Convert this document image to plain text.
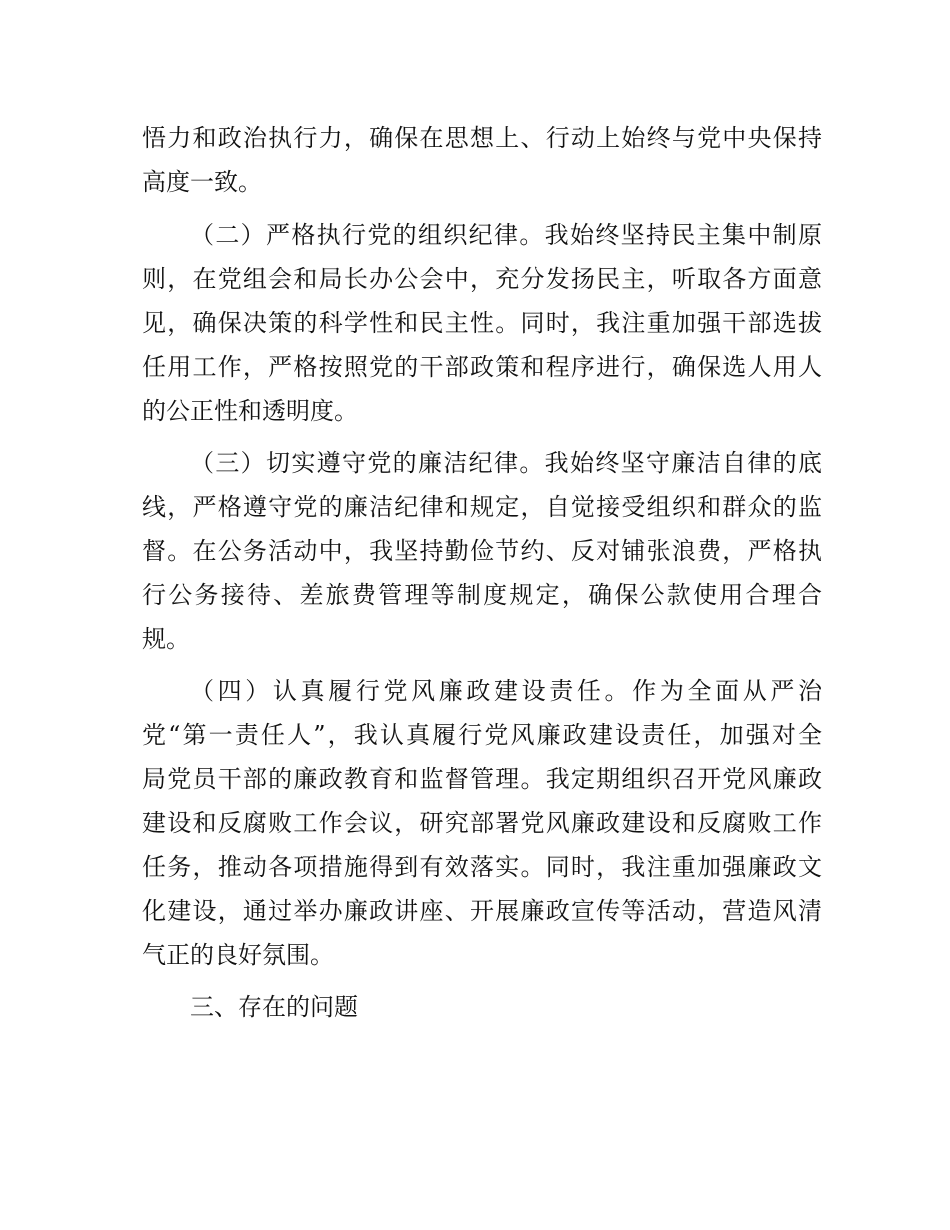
悟力和政治执行力，确保在思想上、行动上始终与党中央保持
高度一致。
（二）严格执行党的组织纪律。我始终坚持民主集中制原
则，在党组会和局长办公会中，充分发扬民主，听取各方面意
见，确保决策的科学性和民主性。同时，我注重加强干部选拔
任用工作，严格按照党的干部政策和程序进行，确保选人用人
的公正性和透明度。
（三）切实遵守党的廉洁纪律。我始终坚守廉洁自律的底
线，严格遵守党的廉洁纪律和规定，自觉接受组织和群众的监
督。在公务活动中，我坚持勤俭节约、反对铺张浪费，严格执
行公务接待、差旅费管理等制度规定，确保公款使用合理合
规。
（四）认真履行党风廉政建设责任。作为全面从严治
党“第一责任人”，我认真履行党风廉政建设责任，加强对全
局党员干部的廉政教育和监督管理。我定期组织召开党风廉政
建设和反腐败工作会议，研究部署党风廉政建设和反腐败工作
任务，推动各项措施得到有效落实。同时，我注重加强廉政文
化建设，通过举办廉政讲座、开展廉政宣传等活动，营造风清
气正的良好氛围。
三、存在的问题
